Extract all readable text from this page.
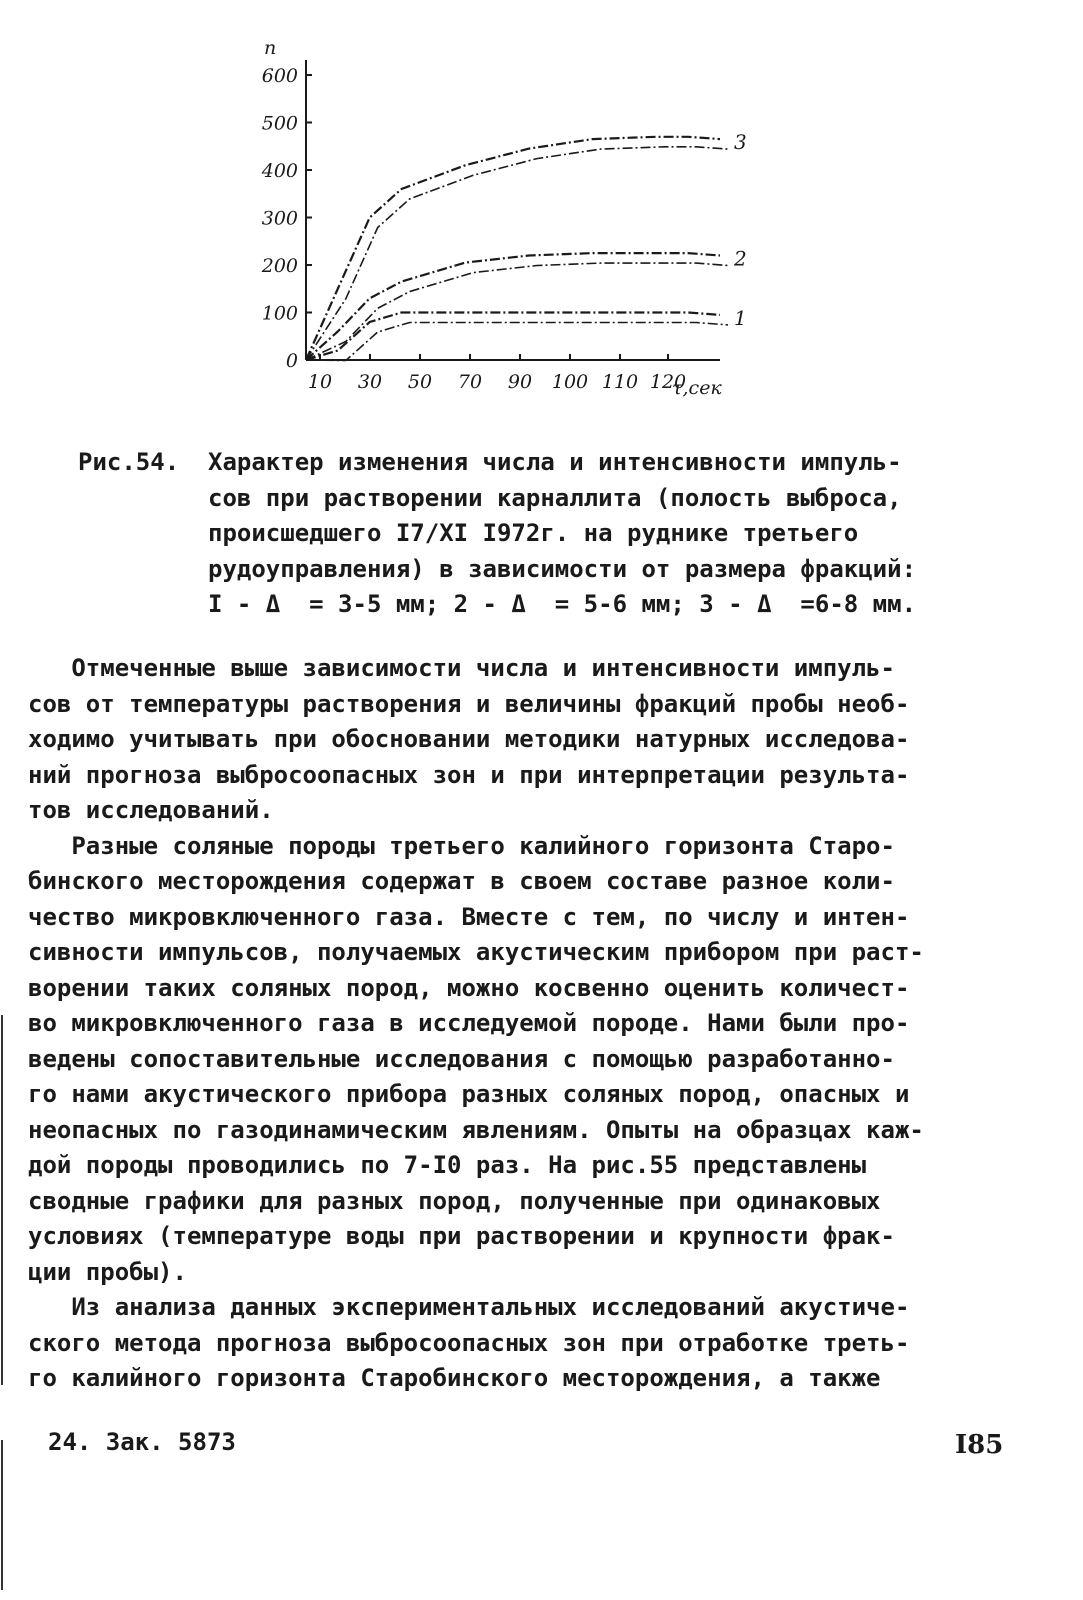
n
0
100
200
300
400
500
600
10 30 50 70 90 100 110 120
1
2
3
τ,сек
Рис.54. Характер изменения числа и интенсивности импуль-
сов при растворении карналлита (полость выброса,
происшедшего I7/XI I972г. на руднике третьего
рудоуправления) в зависимости от размера фракций:
I - Δ  = 3-5 мм; 2 - Δ  = 5-6 мм; 3 - Δ  =6-8 мм.
Отмеченные выше зависимости числа и интенсивности импуль-
сов от температуры растворения и величины фракций пробы необ-
ходимо учитывать при обосновании методики натурных исследова-
ний прогноза выбросоопасных зон и при интерпретации результа-
тов исследований.
Разные соляные породы третьего калийного горизонта Старо-
бинского месторождения содержат в своем составе разное коли-
чество микровключенного газа. Вместе с тем, по числу и интен-
сивности импульсов, получаемых акустическим прибором при раст-
ворении таких соляных пород, можно косвенно оценить количест-
во микровключенного газа в исследуемой породе. Нами были про-
ведены сопоставительные исследования с помощью разработанно-
го нами акустического прибора разных соляных пород, опасных и
неопасных по газодинамическим явлениям. Опыты на образцах каж-
дой породы проводились по 7-I0 раз. На рис.55 представлены
сводные графики для разных пород, полученные при одинаковых
условиях (температуре воды при растворении и крупности фрак-
ции пробы).
Из анализа данных экспериментальных исследований акустиче-
ского метода прогноза выбросоопасных зон при отработке треть-
го калийного горизонта Старобинского месторождения, а также
24. Зак. 5873	I85
